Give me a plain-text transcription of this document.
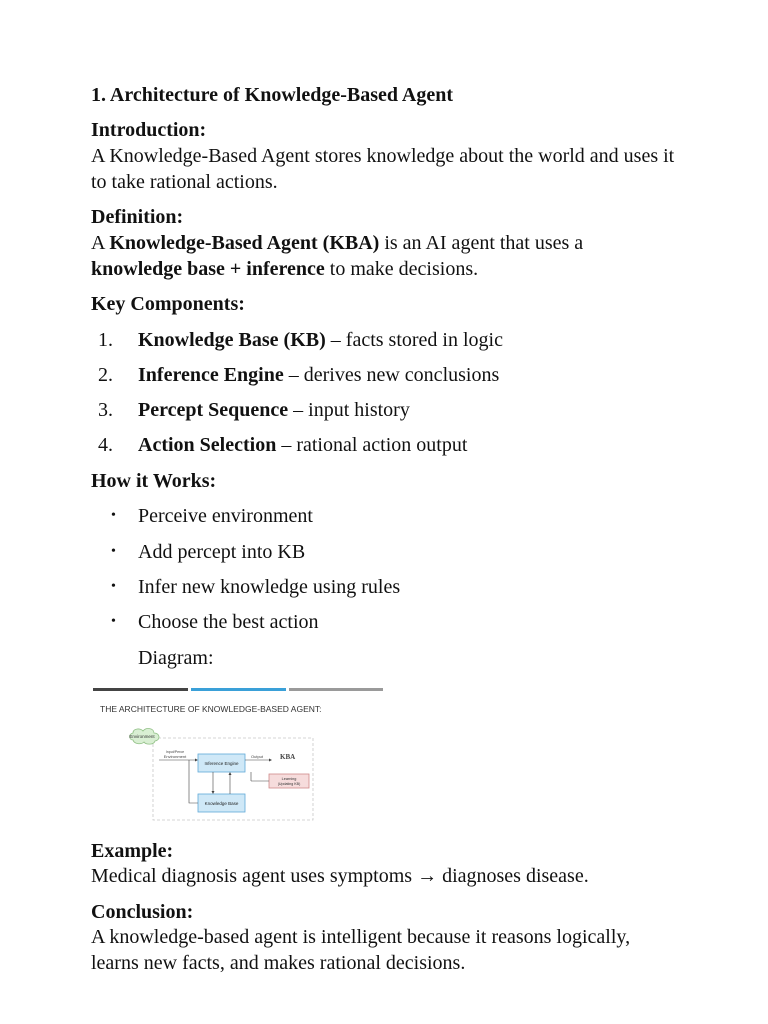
1. Architecture of Knowledge-Based Agent
Introduction:
A Knowledge-Based Agent stores knowledge about the world and uses it to take rational actions.
Definition:
A Knowledge-Based Agent (KBA) is an AI agent that uses a
knowledge base + inference to make decisions.
Key Components:
1. Knowledge Base (KB) – facts stored in logic
2. Inference Engine – derives new conclusions
3. Percept Sequence – input history
4. Action Selection – rational action output
How it Works:
• Perceive environment
• Add percept into KB
• Infer new knowledge using rules
• Choose the best action
Diagram:
Example:
Medical diagnosis agent uses symptoms → diagnoses disease.
Conclusion:
A knowledge-based agent is intelligent because it reasons logically, learns new facts, and makes rational decisions.
THE ARCHITECTURE OF KNOWLEDGE-BASED AGENT:
Environment
Input/Perce
Environment
Inference Engine
Output KBA
Learning
(Updating KB)
Knowledge Base
